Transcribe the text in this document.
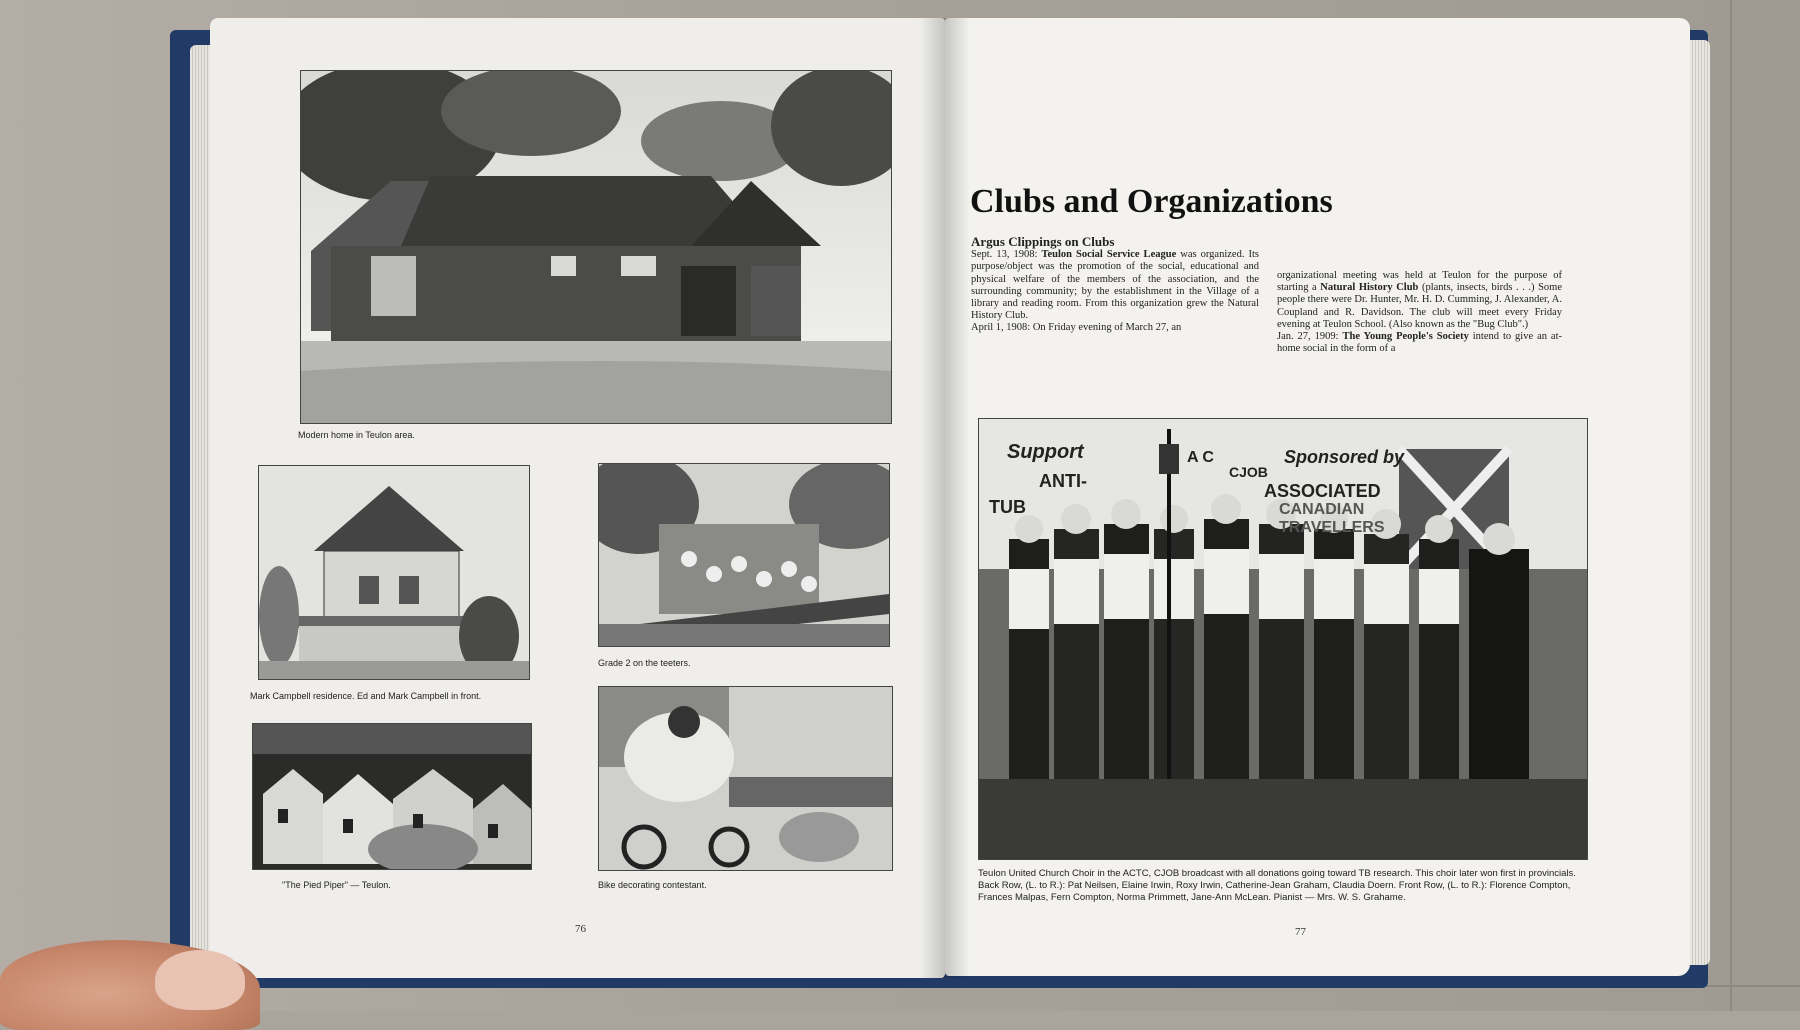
Modern home in Teulon area.
Mark Campbell residence. Ed and Mark Campbell in front.
Grade 2 on the teeters.
"The Pied Piper" — Teulon.	Bike decorating contestant.
76
Clubs and Organizations
Argus Clippings on Clubs
Sept. 13, 1908: Teulon Social Service League was organized. Its purpose/object was the promotion of the social, educational and physical welfare of the members of the association, and the surrounding community; by the establishment in the Village of a library and reading room. From this organization grew the Natural History Club.
April 1, 1908: On Friday evening of March 27, an
organizational meeting was held at Teulon for the purpose of starting a Natural History Club (plants, insects, birds . . .) Some people there were Dr. Hunter, Mr. H. D. Cumming, J. Alexander, A. Coupland and R. Davidson. The club will meet every Friday evening at Teulon School. (Also known as the "Bug Club".)
Jan. 27, 1909: The Young People's Society intend to give an at-home social in the form of a
Support
ANTI-
TUB
A C
CJOB
Sponsored by
ASSOCIATED
CANADIAN
TRAVELLERS
Teulon United Church Choir in the ACTC, CJOB broadcast with all donations going toward TB research. This choir later won first in provincials. Back Row, (L. to R.): Pat Neilsen, Elaine Irwin, Roxy Irwin, Catherine-Jean Graham, Claudia Doern. Front Row, (L. to R.): Florence Compton, Frances Malpas, Fern Compton, Norma Primmett, Jane-Ann McLean. Pianist — Mrs. W. S. Grahame.
77
